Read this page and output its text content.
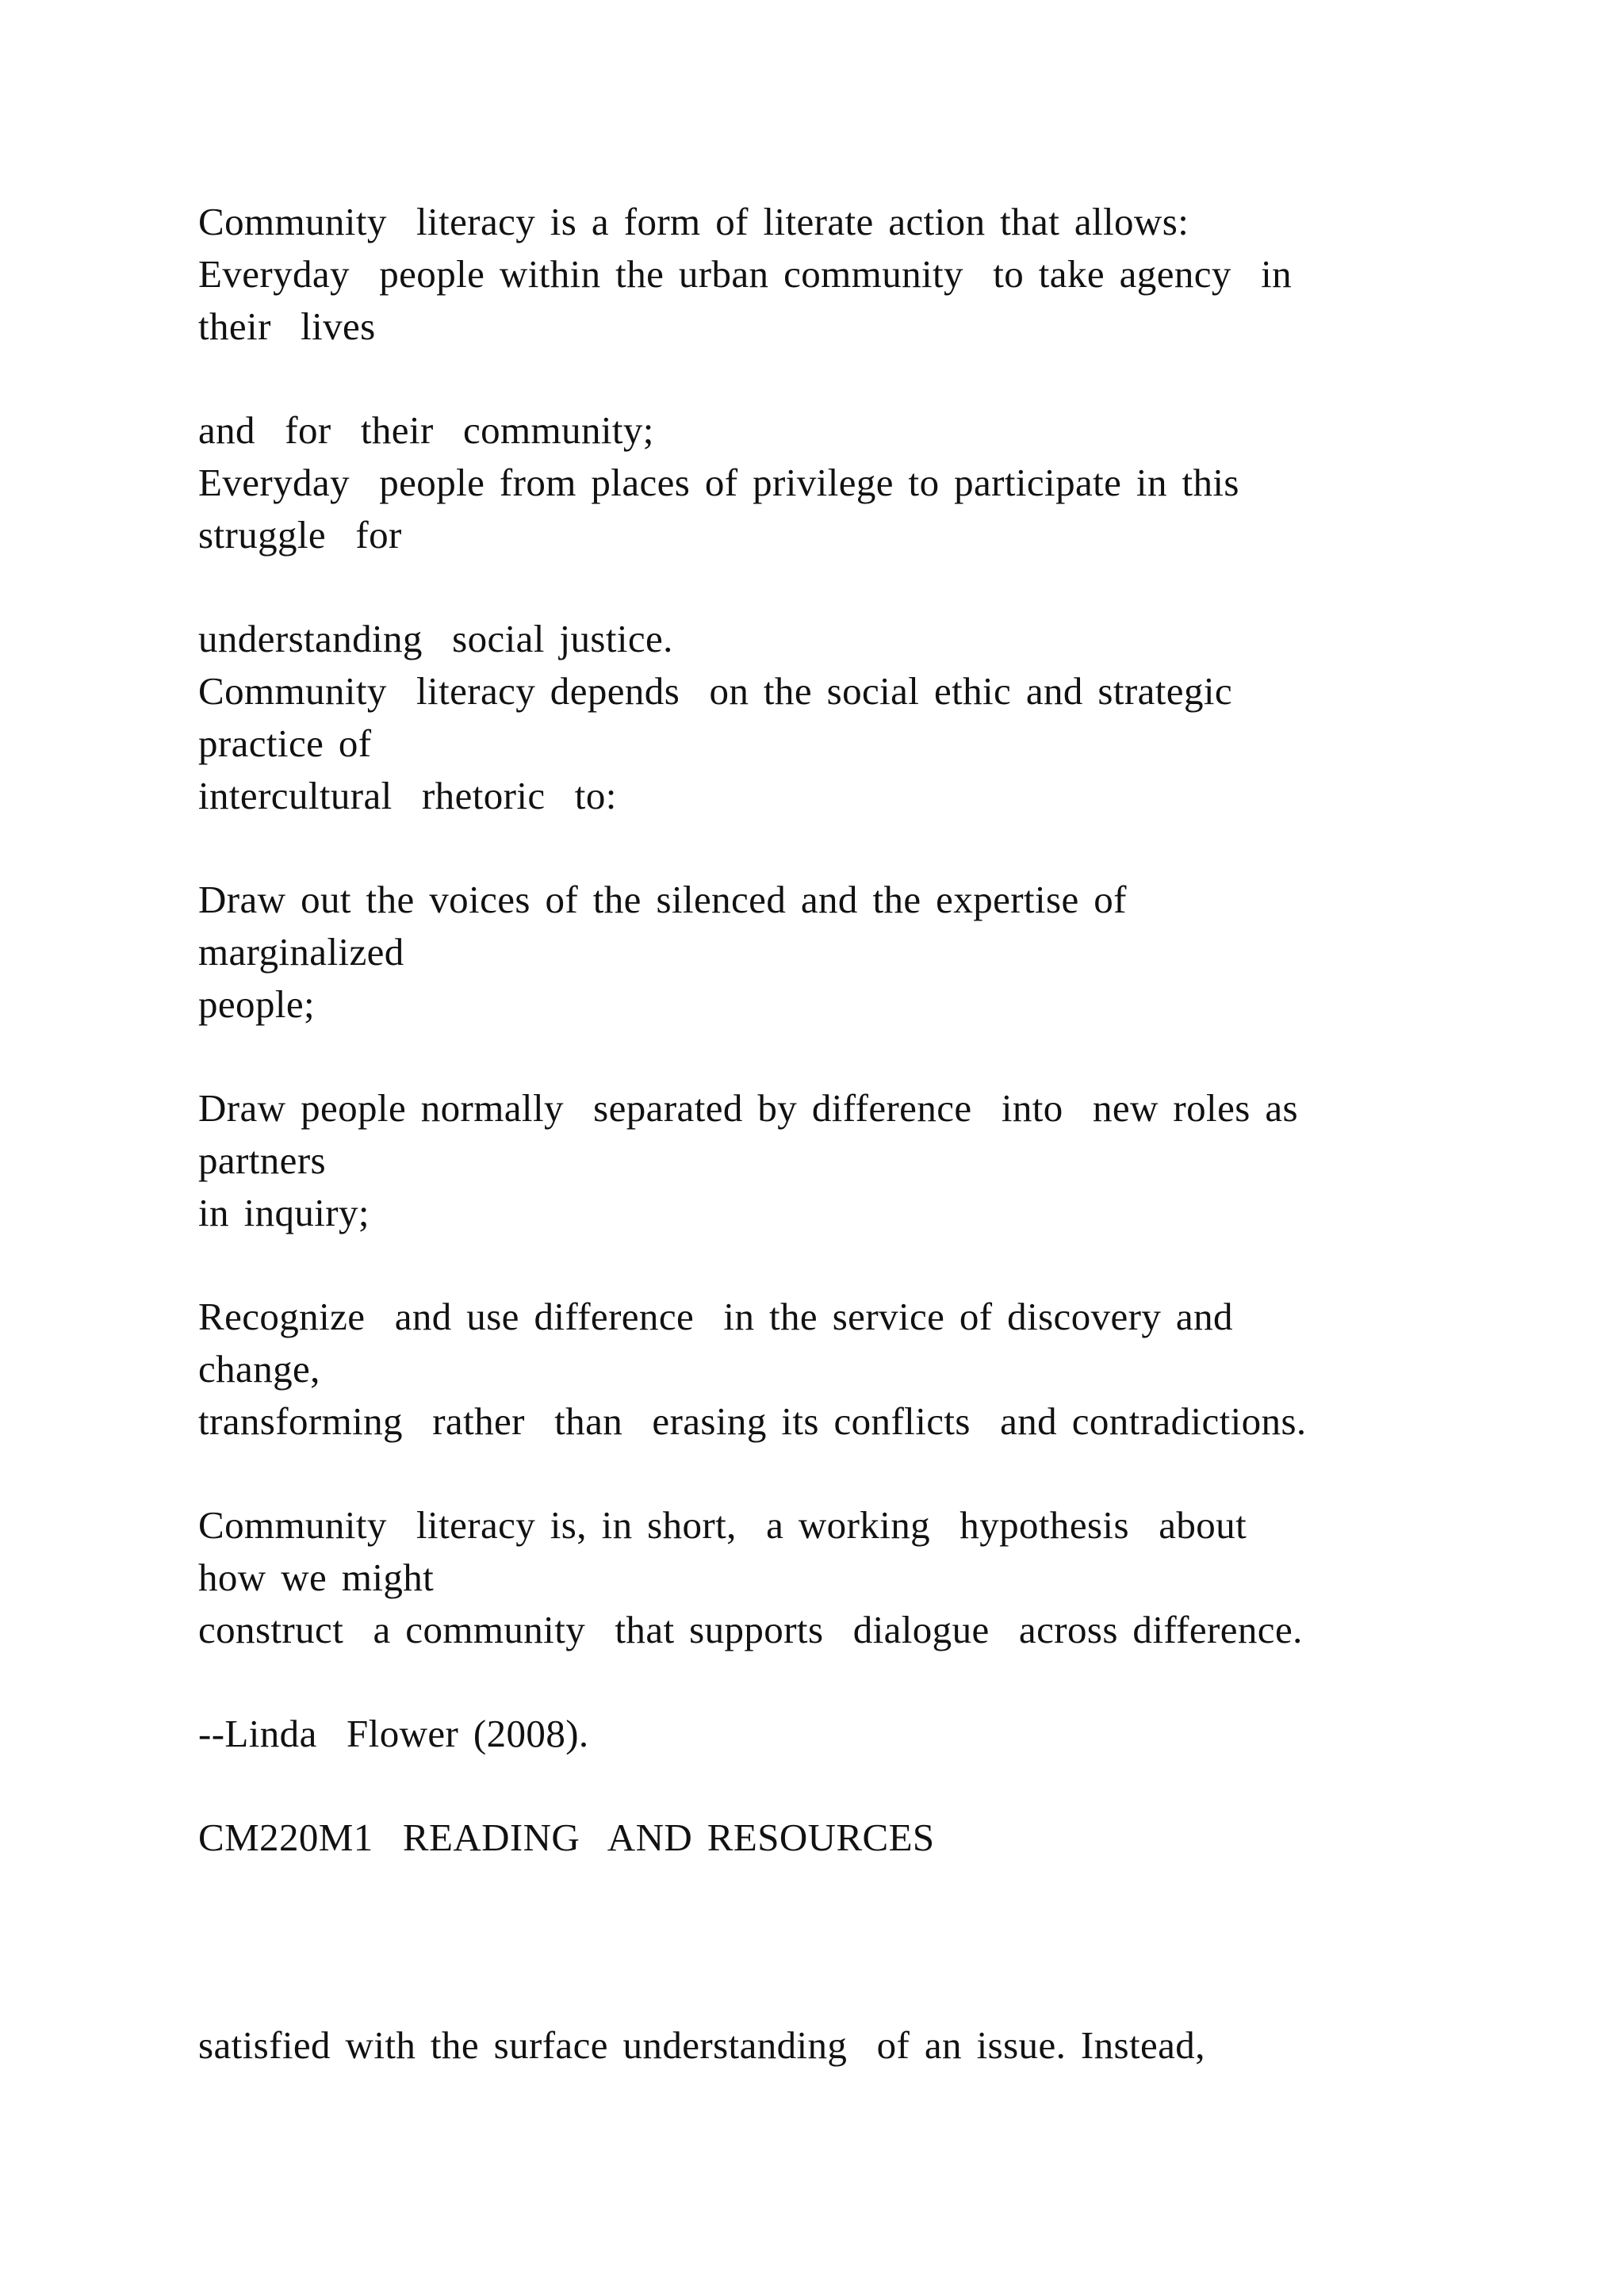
Community  literacy is a form of literate action that allows:

Everyday  people within the urban community  to take agency  in

their  lives

and  for  their  community;

Everyday  people from places of privilege to participate in this

struggle  for

understanding  social justice.

Community  literacy depends  on the social ethic and strategic

practice of

intercultural  rhetoric  to:

Draw out the voices of the silenced and the expertise of

marginalized

people;

Draw people normally  separated by difference  into  new roles as

partners

in inquiry;

Recognize  and use difference  in the service of discovery and

change,

transforming  rather  than  erasing its conflicts  and contradictions.

Community  literacy is, in short,  a working  hypothesis  about

how we might

construct  a community  that supports  dialogue  across difference.

--Linda  Flower (2008).

CM220M1  READING  AND RESOURCES

satisfied with the surface understanding  of an issue. Instead,
